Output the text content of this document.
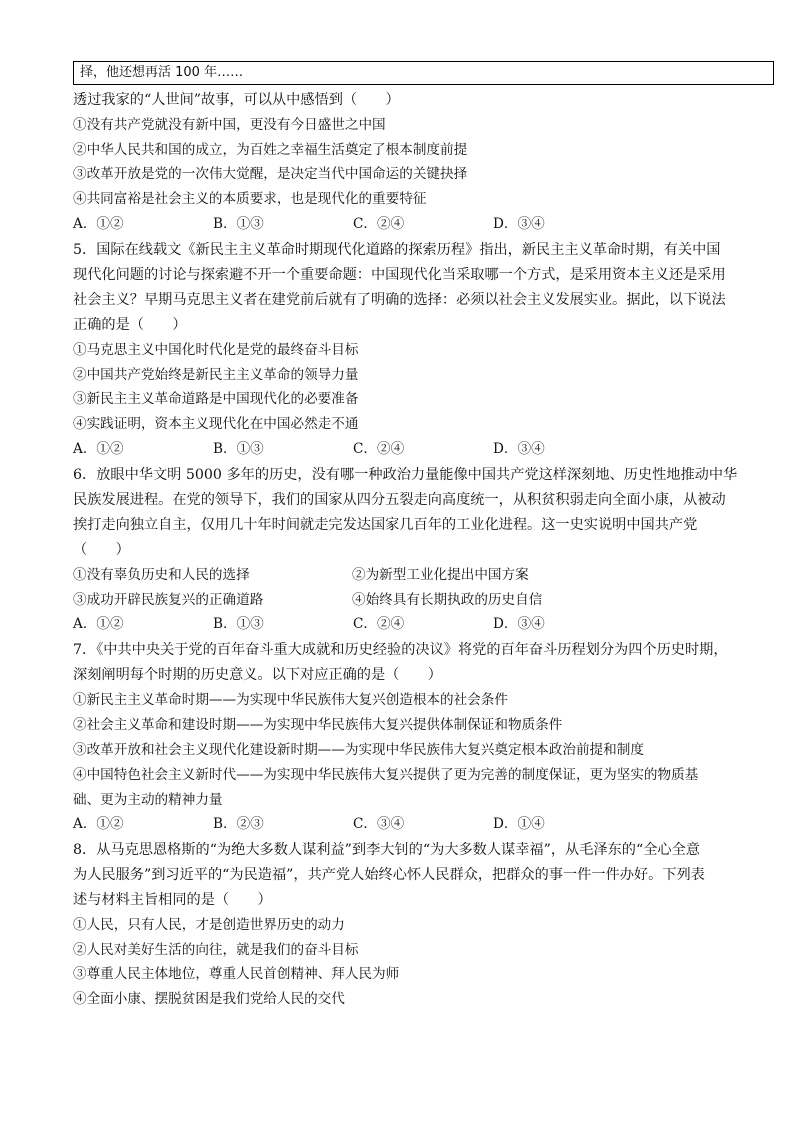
择，他还想再活 100 年……
透过我家的“人世间”故事，可以从中感悟到（　　）
①没有共产党就没有新中国，更没有今日盛世之中国
②中华人民共和国的成立，为百姓之幸福生活奠定了根本制度前提
③改革开放是党的一次伟大觉醒，是决定当代中国命运的关键抉择
④共同富裕是社会主义的本质要求，也是现代化的重要特征
A．①②	B．①③	C．②④	D．③④
5．国际在线载文《新民主主义革命时期现代化道路的探索历程》指出，新民主主义革命时期，有关中国
现代化问题的讨论与探索避不开一个重要命题：中国现代化当采取哪一个方式，是采用资本主义还是采用
社会主义？早期马克思主义者在建党前后就有了明确的选择：必须以社会主义发展实业。据此，以下说法
正确的是（　　）
①马克思主义中国化时代化是党的最终奋斗目标
②中国共产党始终是新民主主义革命的领导力量
③新民主主义革命道路是中国现代化的必要准备
④实践证明，资本主义现代化在中国必然走不通
A．①②	B．①③	C．②④	D．③④
6．放眼中华文明 5000 多年的历史，没有哪一种政治力量能像中国共产党这样深刻地、历史性地推动中华
民族发展进程。在党的领导下，我们的国家从四分五裂走向高度统一，从积贫积弱走向全面小康，从被动
挨打走向独立自主，仅用几十年时间就走完发达国家几百年的工业化进程。这一史实说明中国共产党
（　　）
①没有辜负历史和人民的选择	②为新型工业化提出中国方案
③成功开辟民族复兴的正确道路	④始终具有长期执政的历史自信
A．①②	B．①③	C．②④	D．③④
7．《中共中央关于党的百年奋斗重大成就和历史经验的决议》将党的百年奋斗历程划分为四个历史时期，
深刻阐明每个时期的历史意义。以下对应正确的是（　　）
①新民主主义革命时期——为实现中华民族伟大复兴创造根本的社会条件
②社会主义革命和建设时期——为实现中华民族伟大复兴提供体制保证和物质条件
③改革开放和社会主义现代化建设新时期——为实现中华民族伟大复兴奠定根本政治前提和制度
④中国特色社会主义新时代——为实现中华民族伟大复兴提供了更为完善的制度保证，更为坚实的物质基
础、更为主动的精神力量
A．①②	B．②③	C．③④	D．①④
8．从马克思恩格斯的“为绝大多数人谋利益”到李大钊的“为大多数人谋幸福”，从毛泽东的“全心全意
为人民服务”到习近平的“为民造福”，共产党人始终心怀人民群众，把群众的事一件一件办好。下列表
述与材料主旨相同的是（　　）
①人民，只有人民，才是创造世界历史的动力
②人民对美好生活的向往，就是我们的奋斗目标
③尊重人民主体地位，尊重人民首创精神、拜人民为师
④全面小康、摆脱贫困是我们党给人民的交代
